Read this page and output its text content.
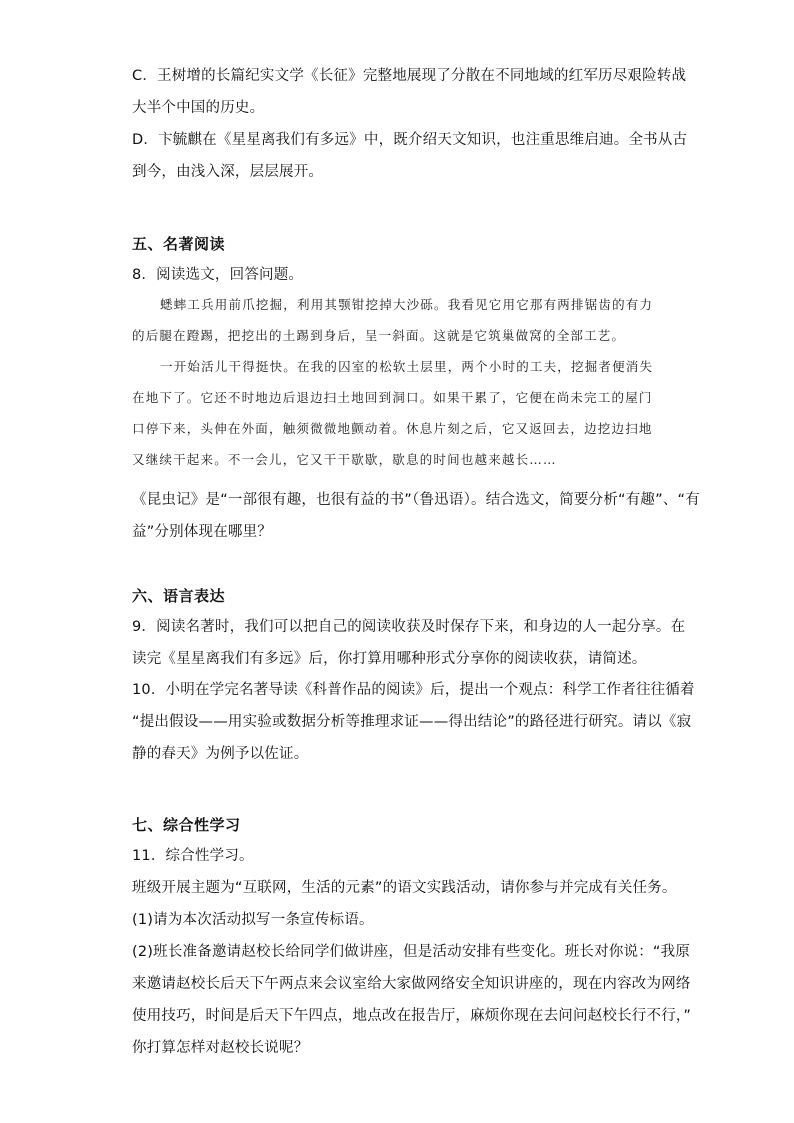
C．王树增的长篇纪实文学《长征》完整地展现了分散在不同地域的红军历尽艰险转战
大半个中国的历史。
D．卞毓麒在《星星离我们有多远》中，既介绍天文知识，也注重思维启迪。全书从古
到今，由浅入深，层层展开。
五、名著阅读
8．阅读选文，回答问题。
蟋蟀工兵用前爪挖掘，利用其颚钳挖掉大沙砾。我看见它用它那有两排锯齿的有力
的后腿在蹬踢，把挖出的土踢到身后，呈一斜面。这就是它筑巢做窝的全部工艺。
一开始活儿干得挺快。在我的囚室的松软土层里，两个小时的工夫，挖掘者便消失
在地下了。它还不时地边后退边扫土地回到洞口。如果干累了，它便在尚未完工的屋门
口停下来，头伸在外面，触须微微地颤动着。休息片刻之后，它又返回去，边挖边扫地
又继续干起来。不一会儿，它又干干歇歇，歇息的时间也越来越长……
《昆虫记》是“一部很有趣，也很有益的书”（鲁迅语）。结合选文，简要分析“有趣”、“有
益”分别体现在哪里？
六、语言表达
9．阅读名著时，我们可以把自己的阅读收获及时保存下来，和身边的人一起分享。在
读完《星星离我们有多远》后，你打算用哪种形式分享你的阅读收获，请简述。
10．小明在学完名著导读《科普作品的阅读》后，提出一个观点：科学工作者往往循着
“提出假设——用实验或数据分析等推理求证——得出结论”的路径进行研究。请以《寂
静的春天》为例予以佐证。
七、综合性学习
11．综合性学习。
班级开展主题为“互联网，生活的元素”的语文实践活动，请你参与并完成有关任务。
(1)请为本次活动拟写一条宣传标语。
(2)班长准备邀请赵校长给同学们做讲座，但是活动安排有些变化。班长对你说：“我原
来邀请赵校长后天下午两点来会议室给大家做网络安全知识讲座的，现在内容改为网络
使用技巧，时间是后天下午四点，地点改在报告厅，麻烦你现在去问问赵校长行不行，”
你打算怎样对赵校长说呢？
